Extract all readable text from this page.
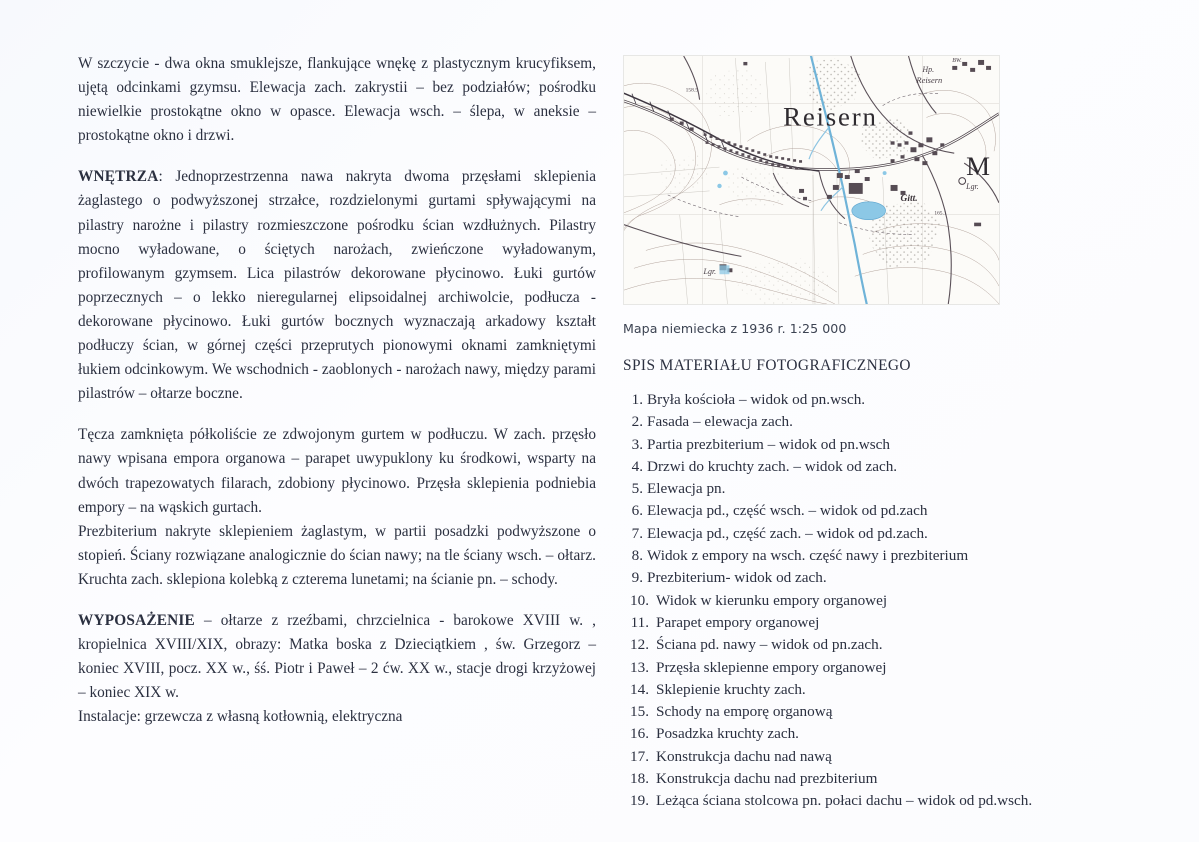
W szczycie - dwa okna smuklejsze, flankujące wnękę z plastycznym krucyfiksem, ujętą odcinkami gzymsu. Elewacja zach. zakrystii – bez podziałów; pośrodku niewielkie prostokątne okno w opasce. Elewacja wsch. – ślepa, w aneksie – prostokątne okno i drzwi.

WNĘTRZA: Jednoprzestrzenna nawa nakryta dwoma przęsłami sklepienia żaglastego o podwyższonej strzałce, rozdzielonymi gurtami spływającymi na pilastry narożne i pilastry rozmieszczone pośrodku ścian wzdłużnych. Pilastry mocno wyładowane, o ściętych narożach, zwieńczone wyładowanym, profilowanym gzymsem. Lica pilastrów dekorowane płycinowo. Łuki gurtów poprzecznych – o lekko nieregularnej elipsoidalnej archiwolcie, podłucza - dekorowane płycinowo. Łuki gurtów bocznych wyznaczają arkadowy kształt podłuczy ścian, w górnej części przeprutych pionowymi oknami zamkniętymi łukiem odcinkowym. We wschodnich - zaoblonych - narożach nawy, między parami pilastrów – ołtarze boczne.

Tęcza zamknięta półkoliście ze zdwojonym gurtem w podłuczu. W zach. przęsło nawy wpisana empora organowa – parapet uwypuklony ku środkowi, wsparty na dwóch trapezowatych filarach, zdobiony płycinowo. Przęsła sklepienia podniebia empory – na wąskich gurtach.

Prezbiterium nakryte sklepieniem żaglastym, w partii posadzki podwyższone o stopień. Ściany rozwiązane analogicznie do ścian nawy; na tle ściany wsch. – ołtarz. Kruchta zach. sklepiona kolebką z czterema lunetami; na ścianie pn. – schody.

WYPOSAŻENIE – ołtarze z rzeźbami, chrzcielnica - barokowe XVIII w. , kropielnica XVIII/XIX, obrazy: Matka boska z Dzieciątkiem , św. Grzegorz – koniec XVIII, pocz. XX w., śś. Piotr i Paweł – 2 ćw. XX w., stacje drogi krzyżowej – koniec XIX w.

Instalacje: grzewcza z własną kotłownią, elektryczna

Reisern
M
Hp.
Reisern
Gitt.
Lgr.
Lgr.
158.5
165.1
BW.
Mapa niemiecka z 1936 r. 1:25 000
SPIS MATERIAŁU FOTOGRAFICZNEGO
1. Bryła kościoła – widok od pn.wsch.
2. Fasada – elewacja zach.
3. Partia prezbiterium – widok od pn.wsch
4. Drzwi do kruchty zach. – widok od zach.
5. Elewacja pn.
6. Elewacja pd., część wsch. – widok od pd.zach
7. Elewacja pd., część zach. – widok od pd.zach.
8. Widok z empory na wsch. część nawy i prezbiterium
9. Prezbiterium- widok od zach.
10. Widok w kierunku empory organowej
11. Parapet empory organowej
12. Ściana pd. nawy – widok od pn.zach.
13. Przęsła sklepienne empory organowej
14. Sklepienie kruchty zach.
15. Schody na emporę organową
16. Posadzka kruchty zach.
17. Konstrukcja dachu nad nawą
18. Konstrukcja dachu nad prezbiterium
19. Leżąca ściana stolcowa pn. połaci dachu – widok od pd.wsch.
